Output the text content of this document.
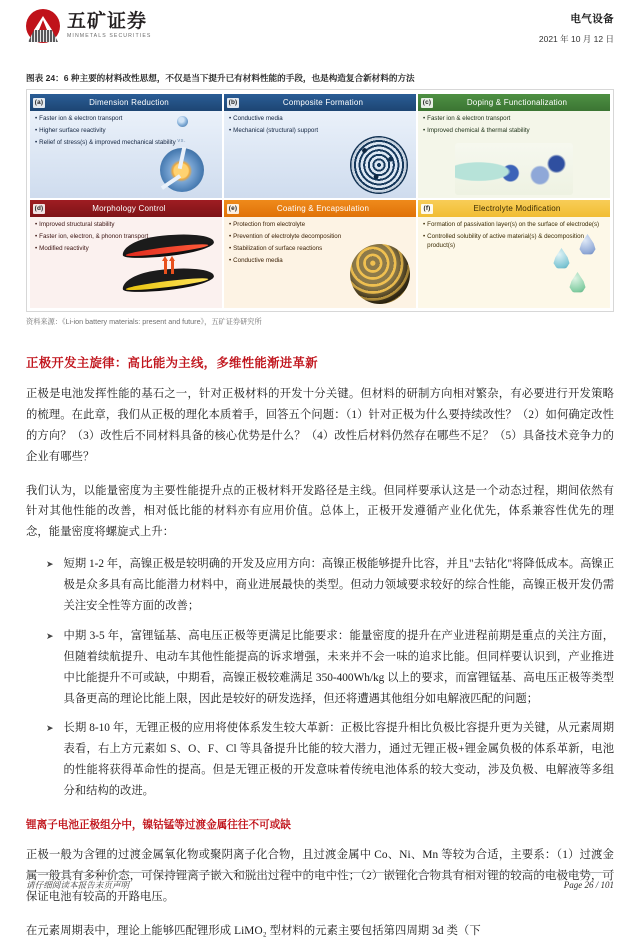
五矿证券
MINMETALS SECURITIES
电气设备
2021 年 10 月 12 日
图表 24：6 种主要的材料改性思想，不仅是当下提升已有材料性能的手段，也是构造复合新材料的方法
(a)	Dimension Reduction
• Faster ion & electron transport
• Higher surface reactivity
• Relief of stress(s) & improved mechanical stability vs.
(b)	Composite Formation
• Conductive media
• Mechanical (structural) support
(c)	Doping & Functionalization
• Faster ion & electron transport
• Improved chemical & thermal stability
(d)	Morphology Control
• Improved structural stability
• Faster ion, electron, & phonon transport
• Modified reactivity
(e)	Coating & Encapsulation
• Protection from electrolyte
• Prevention of electrolyte decomposition
• Stabilization of surface reactions
• Conductive media
(f)	Electrolyte Modification
• Formation of passivation layer(s) on the surface of electrode(s)
• Controlled solubility of active material(s) & decomposition product(s)
资料来源：《Li-ion battery materials: present and future》，五矿证券研究所
正极开发主旋律：高比能为主线，多维性能渐进革新

正极是电池发挥性能的基石之一，针对正极材料的开发十分关键。但材料的研制方向相对繁杂，有必要进行开发策略的梳理。在此章，我们从正极的理化本质着手，回答五个问题：（1）针对正极为什么要持续改性？（2）如何确定改性的方向？（3）改性后不同材料具备的核心优势是什么？（4）改性后材料仍然存在哪些不足？（5）具备技术竞争力的企业有哪些？

我们认为，以能量密度为主要性能提升点的正极材料开发路径是主线。但同样要承认这是一个动态过程，期间依然有针对其他性能的改善，相对低比能的材料亦有应用价值。总体上，正极开发遵循产业化优先，体系兼容性优先的理念，能量密度将螺旋式上升：

➤ 短期 1-2 年，高镍正极是较明确的开发及应用方向：高镍正极能够提升比容，并且"去钴化"将降低成本。高镍正极是众多具有高比能潜力材料中，商业进展最快的类型。但动力领域要求较好的综合性能，高镍正极开发仍需关注安全性等方面的改善；
➤ 中期 3-5 年，富锂锰基、高电压正极等更满足比能要求：能量密度的提升在产业进程前期是重点的关注方面，但随着续航提升、电动车其他性能提高的诉求增强，未来并不会一味的追求比能。但同样要认识到，产业推进中比能提升不可或缺，中期看，高镍正极较难满足 350-400Wh/kg 以上的要求，而富锂锰基、高电压正极等类型具备更高的理论比能上限，因此是较好的研发选择，但还将遭遇其他组分如电解液匹配的问题；
➤ 长期 8-10 年，无锂正极的应用将使体系发生较大革新：正极比容提升相比负极比容提升更为关键，从元素周期表看，右上方元素如 S、O、F、Cl 等具备提升比能的较大潜力，通过无锂正极+锂金属负极的体系革新，电池的性能将获得革命性的提高。但是无锂正极的开发意味着传统电池体系的较大变动，涉及负极、电解液等多组分和结构的改进。
锂离子电池正极组分中，镍钴锰等过渡金属往往不可或缺

正极一般为含锂的过渡金属氧化物或聚阴离子化合物，且过渡金属中 Co、Ni、Mn 等较为合适，主要系：（1）过渡金属一般具有多种价态，可保持锂离子嵌入和脱出过程中的电中性；（2）嵌锂化合物具有相对锂的较高的电极电势，可保证电池有较高的开路电压。

在元素周期表中，理论上能够匹配锂形成 LiMO₂ 型材料的元素主要包括第四周期 3d 类（下

请仔细阅读本报告末页声明	Page 26 / 101
